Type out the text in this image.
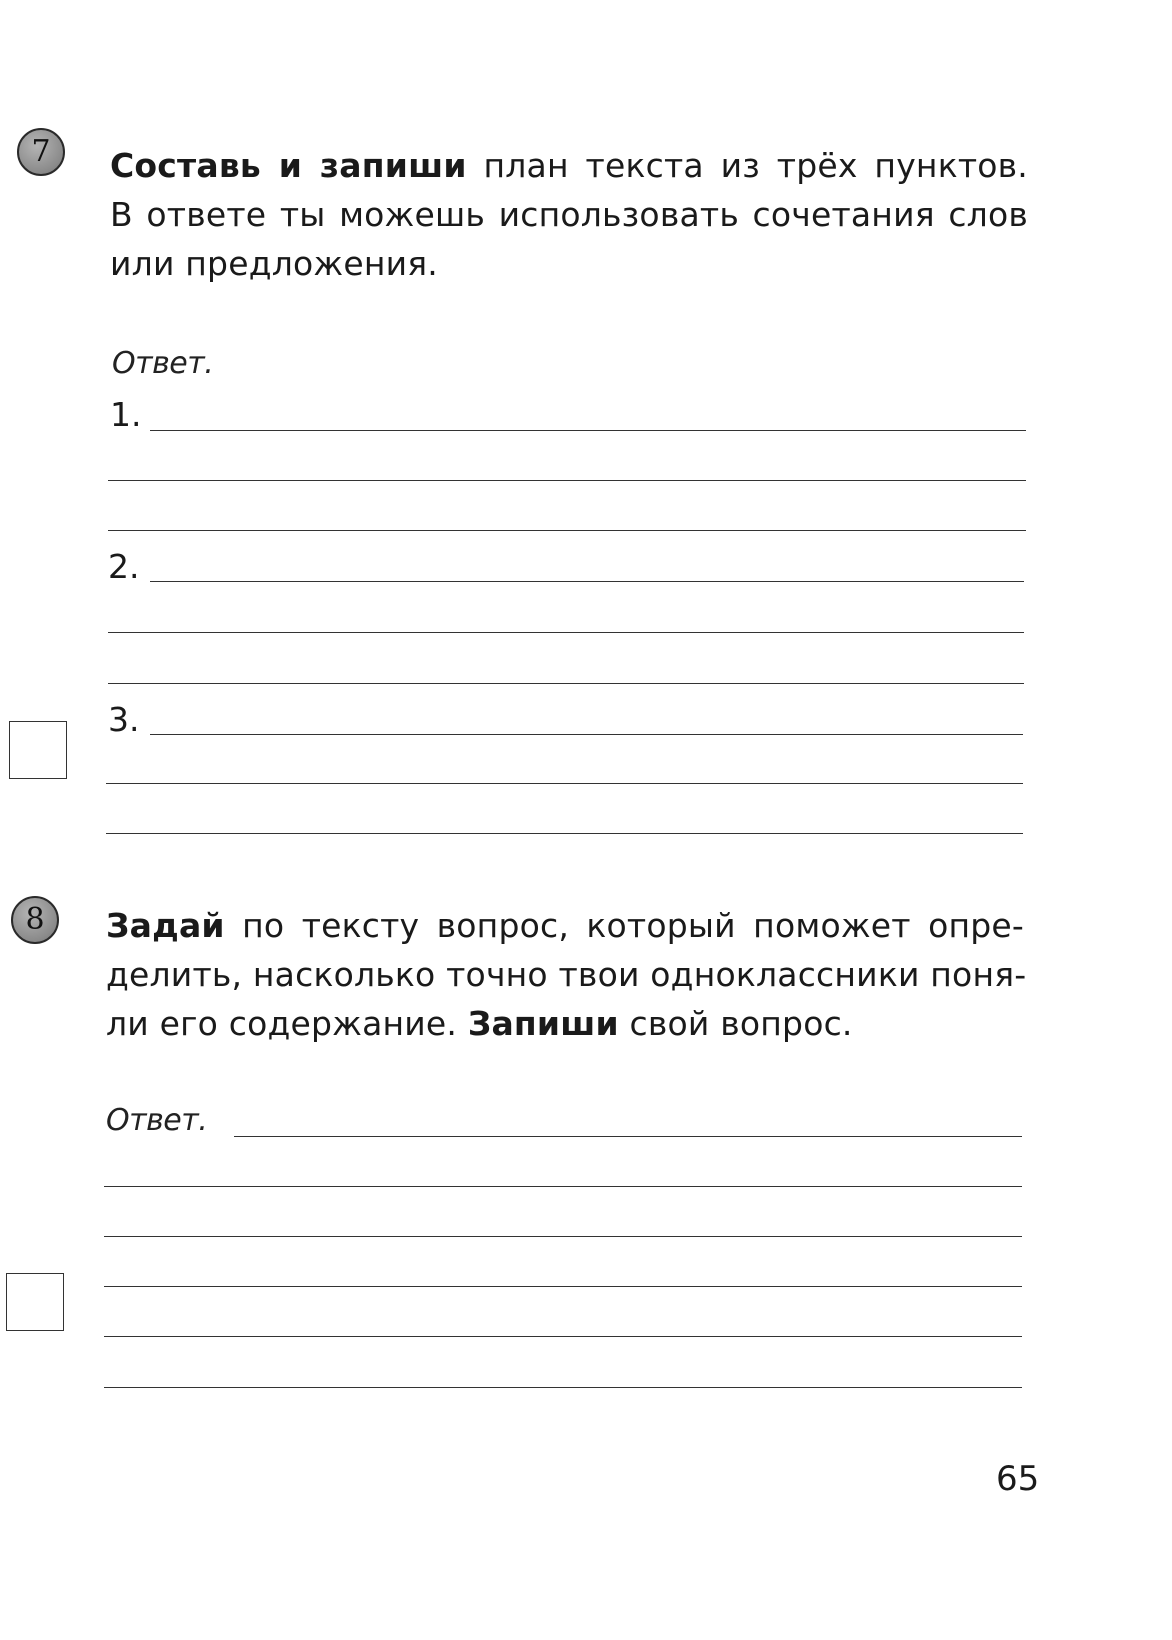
7 Составь и запиши план текста из трёх пунктов.
В ответе ты можешь использовать сочетания слов
или предложения.
Ответ.
1.
2.
3.
8 Задай по тексту вопрос, который поможет опре-
делить, насколько точно твои одноклассники поня-
ли его содержание. Запиши свой вопрос.
Ответ.
65
